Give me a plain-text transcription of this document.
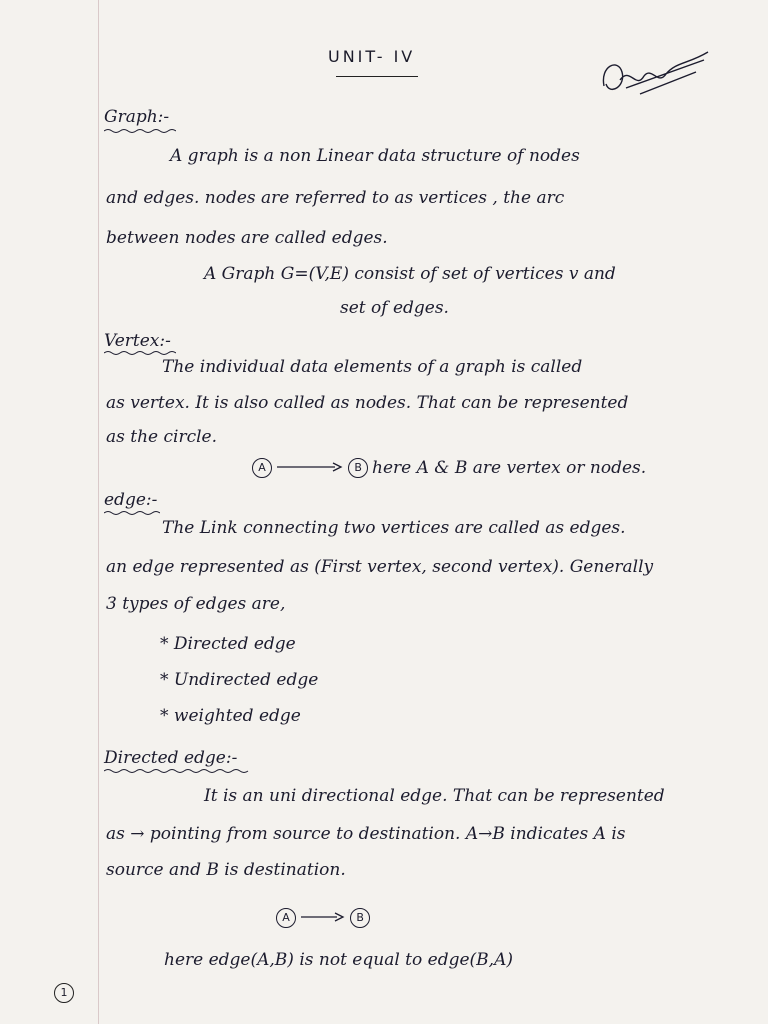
UNIT- IV
Graph:-
A graph is a non Linear data structure of nodes
and edges. nodes are referred to as vertices , the arc
between nodes are called edges.
A Graph G=(V,E) consist of set of vertices v and
set of edges.
Vertex:-
The individual data elements of a graph is called
as vertex. It is also called as nodes. That can be represented
as the circle.
A	B here A & B are vertex or nodes.
edge:-
The Link connecting two vertices are called as edges.
an edge represented as (First vertex, second vertex). Generally
3 types of edges are,
* Directed edge
* Undirected edge
* weighted edge
Directed edge:-
It is an uni directional edge. That can be represented
as → pointing from source to destination. A→B indicates A is
source and B is destination.
A	B
here edge(A,B) is not equal to edge(B,A)
1
